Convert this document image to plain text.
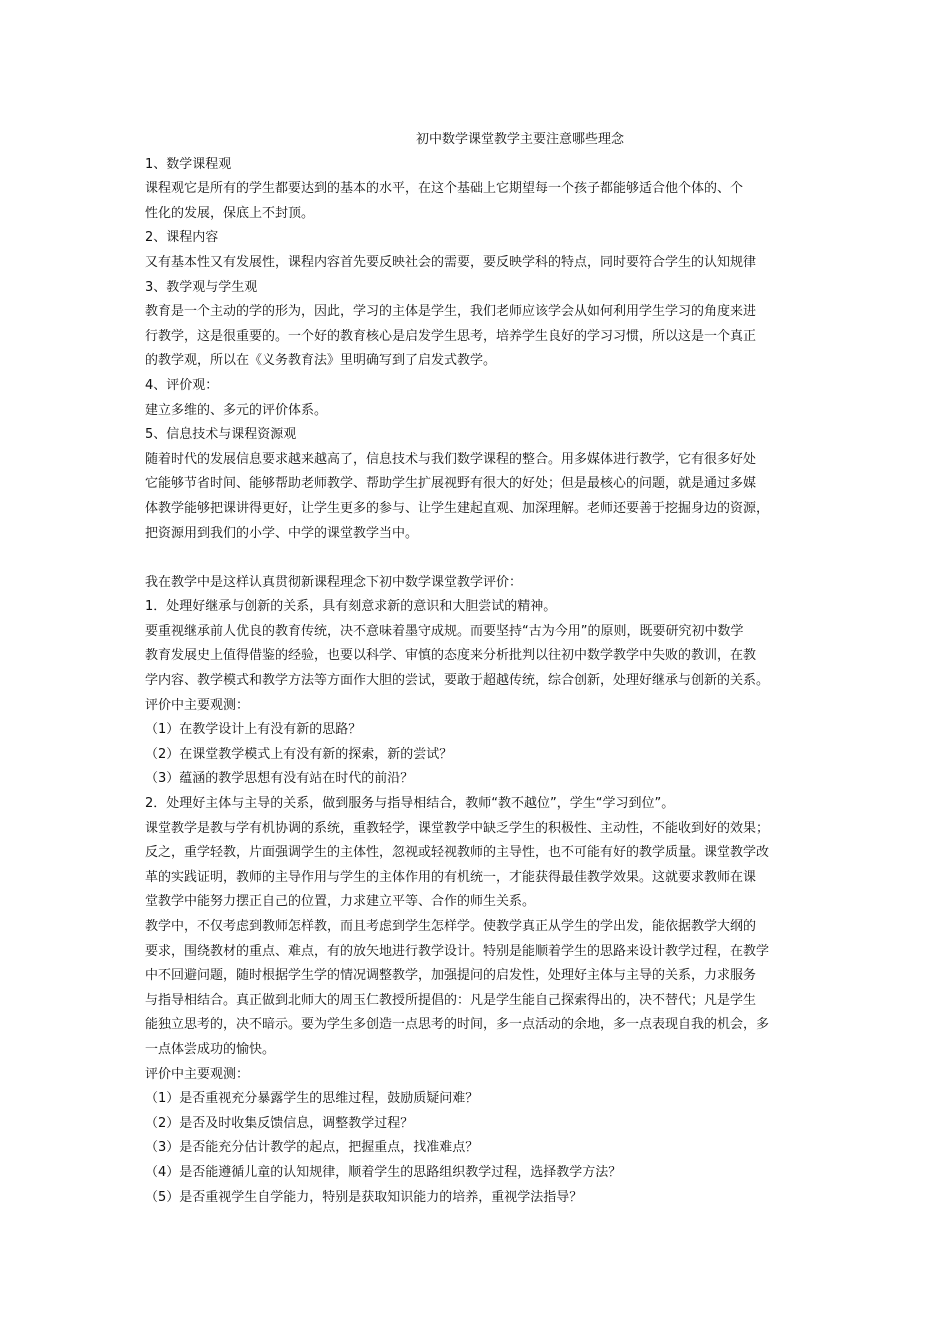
初中数学课堂教学主要注意哪些理念
1、数学课程观
课程观它是所有的学生都要达到的基本的水平，在这个基础上它期望每一个孩子都能够适合他个体的、个
性化的发展，保底上不封顶。
2、课程内容
又有基本性又有发展性，课程内容首先要反映社会的需要，要反映学科的特点，同时要符合学生的认知规律
3、教学观与学生观
教育是一个主动的学的形为，因此，学习的主体是学生，我们老师应该学会从如何利用学生学习的角度来进
行教学，这是很重要的。一个好的教育核心是启发学生思考，培养学生良好的学习习惯，所以这是一个真正
的教学观，所以在《义务教育法》里明确写到了启发式教学。
4、评价观：
建立多维的、多元的评价体系。
5、信息技术与课程资源观
随着时代的发展信息要求越来越高了，信息技术与我们数学课程的整合。用多媒体进行教学，它有很多好处
它能够节省时间、能够帮助老师教学、帮助学生扩展视野有很大的好处；但是最核心的问题，就是通过多媒
体教学能够把课讲得更好，让学生更多的参与、让学生建起直观、加深理解。老师还要善于挖掘身边的资源，
把资源用到我们的小学、中学的课堂教学当中。
我在教学中是这样认真贯彻新课程理念下初中数学课堂教学评价：
1．处理好继承与创新的关系，具有刻意求新的意识和大胆尝试的精神。
要重视继承前人优良的教育传统，决不意味着墨守成规。而要坚持“古为今用”的原则，既要研究初中数学
教育发展史上值得借鉴的经验，也要以科学、审慎的态度来分析批判以往初中数学教学中失败的教训，在教
学内容、教学模式和教学方法等方面作大胆的尝试，要敢于超越传统，综合创新，处理好继承与创新的关系。
评价中主要观测：
（1）在教学设计上有没有新的思路？
（2）在课堂教学模式上有没有新的探索，新的尝试？
（3）蕴涵的教学思想有没有站在时代的前沿？
2．处理好主体与主导的关系，做到服务与指导相结合，教师“教不越位”，学生“学习到位”。
课堂教学是教与学有机协调的系统，重教轻学，课堂教学中缺乏学生的积极性、主动性，不能收到好的效果；
反之，重学轻教，片面强调学生的主体性，忽视或轻视教师的主导性，也不可能有好的教学质量。课堂教学改
革的实践证明，教师的主导作用与学生的主体作用的有机统一，才能获得最佳教学效果。这就要求教师在课
堂教学中能努力摆正自己的位置，力求建立平等、合作的师生关系。
教学中，不仅考虑到教师怎样教，而且考虑到学生怎样学。使教学真正从学生的学出发，能依据教学大纲的
要求，围绕教材的重点、难点，有的放矢地进行教学设计。特别是能顺着学生的思路来设计教学过程，在教学
中不回避问题，随时根据学生学的情况调整教学，加强提问的启发性，处理好主体与主导的关系，力求服务
与指导相结合。真正做到北师大的周玉仁教授所提倡的：凡是学生能自己探索得出的，决不替代；凡是学生
能独立思考的，决不暗示。要为学生多创造一点思考的时间，多一点活动的余地，多一点表现自我的机会，多
一点体尝成功的愉快。
评价中主要观测：
（1）是否重视充分暴露学生的思维过程，鼓励质疑问难？
（2）是否及时收集反馈信息，调整教学过程？
（3）是否能充分估计教学的起点，把握重点，找准难点？
（4）是否能遵循儿童的认知规律，顺着学生的思路组织教学过程，选择教学方法？
（5）是否重视学生自学能力，特别是获取知识能力的培养，重视学法指导？
